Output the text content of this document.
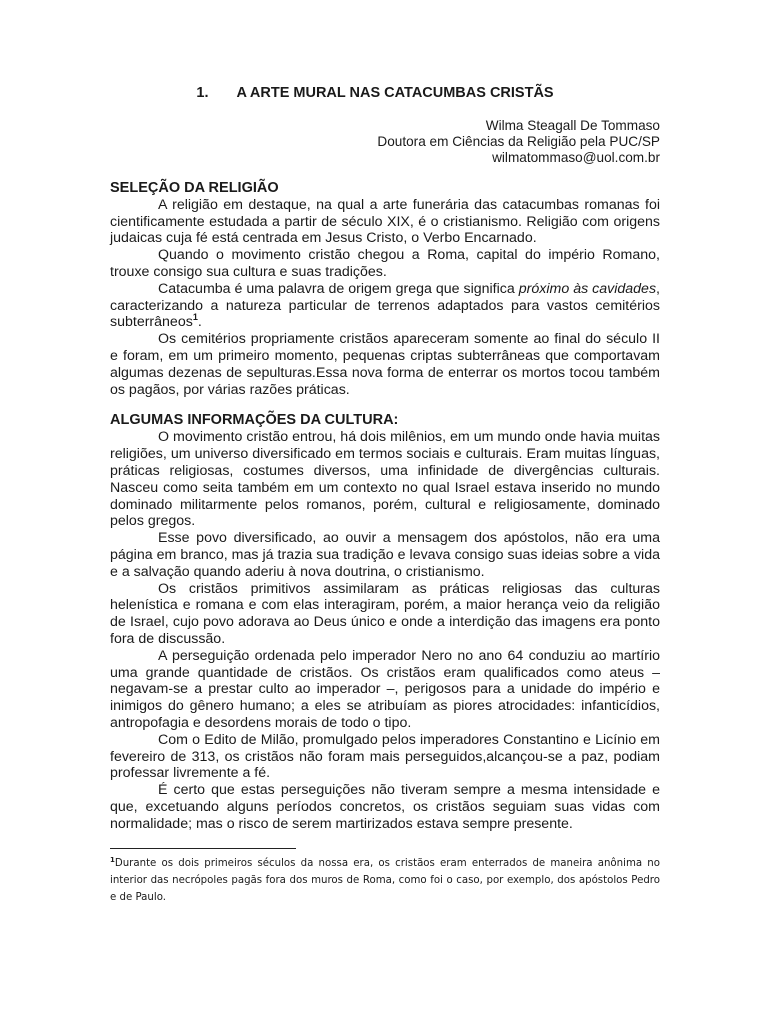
1. A ARTE MURAL NAS CATACUMBAS CRISTÃS
Wilma Steagall De Tommaso
Doutora em Ciências da Religião pela PUC/SP
wilmatommaso@uol.com.br
SELEÇÃO DA RELIGIÃO

A religião em destaque, na qual a arte funerária das catacumbas romanas foi cientificamente estudada a partir de século XIX, é o cristianismo. Religião com origens judaicas cuja fé está centrada em Jesus Cristo, o Verbo Encarnado.

Quando o movimento cristão chegou a Roma, capital do império Romano, trouxe consigo sua cultura e suas tradições.

Catacumba é uma palavra de origem grega que significa próximo às cavidades, caracterizando a natureza particular de terrenos adaptados para vastos cemitérios subterrâneos$^1$.

Os cemitérios propriamente cristãos apareceram somente ao final do século II e foram, em um primeiro momento, pequenas criptas subterrâneas que comportavam algumas dezenas de sepulturas.Essa nova forma de enterrar os mortos tocou também os pagãos, por várias razões práticas.

ALGUMAS INFORMAÇÕES DA CULTURA:

O movimento cristão entrou, há dois milênios, em um mundo onde havia muitas religiões, um universo diversificado em termos sociais e culturais. Eram muitas línguas, práticas religiosas, costumes diversos, uma infinidade de divergências culturais. Nasceu como seita também em um contexto no qual Israel estava inserido no mundo dominado militarmente pelos romanos, porém, cultural e religiosamente, dominado pelos gregos.

Esse povo diversificado, ao ouvir a mensagem dos apóstolos, não era uma página em branco, mas já trazia sua tradição e levava consigo suas ideias sobre a vida e a salvação quando aderiu à nova doutrina, o cristianismo.

Os cristãos primitivos assimilaram as práticas religiosas das culturas helenística e romana e com elas interagiram, porém, a maior herança veio da religião de Israel, cujo povo adorava ao Deus único e onde a interdição das imagens era ponto fora de discussão.

A perseguição ordenada pelo imperador Nero no ano 64 conduziu ao martírio uma grande quantidade de cristãos. Os cristãos eram qualificados como ateus – negavam-se a prestar culto ao imperador –, perigosos para a unidade do império e inimigos do gênero humano; a eles se atribuíam as piores atrocidades: infanticídios, antropofagia e desordens morais de todo o tipo.

Com o Edito de Milão, promulgado pelos imperadores Constantino e Licínio em fevereiro de 313, os cristãos não foram mais perseguidos,alcançou-se a paz, podiam professar livremente a fé.

É certo que estas perseguições não tiveram sempre a mesma intensidade e que, excetuando alguns períodos concretos, os cristãos seguiam suas vidas com normalidade; mas o risco de serem martirizados estava sempre presente.

$^1$Durante os dois primeiros séculos da nossa era, os cristãos eram enterrados de maneira anônima no interior das necrópoles pagãs fora dos muros de Roma, como foi o caso, por exemplo, dos apóstolos Pedro e de Paulo.
